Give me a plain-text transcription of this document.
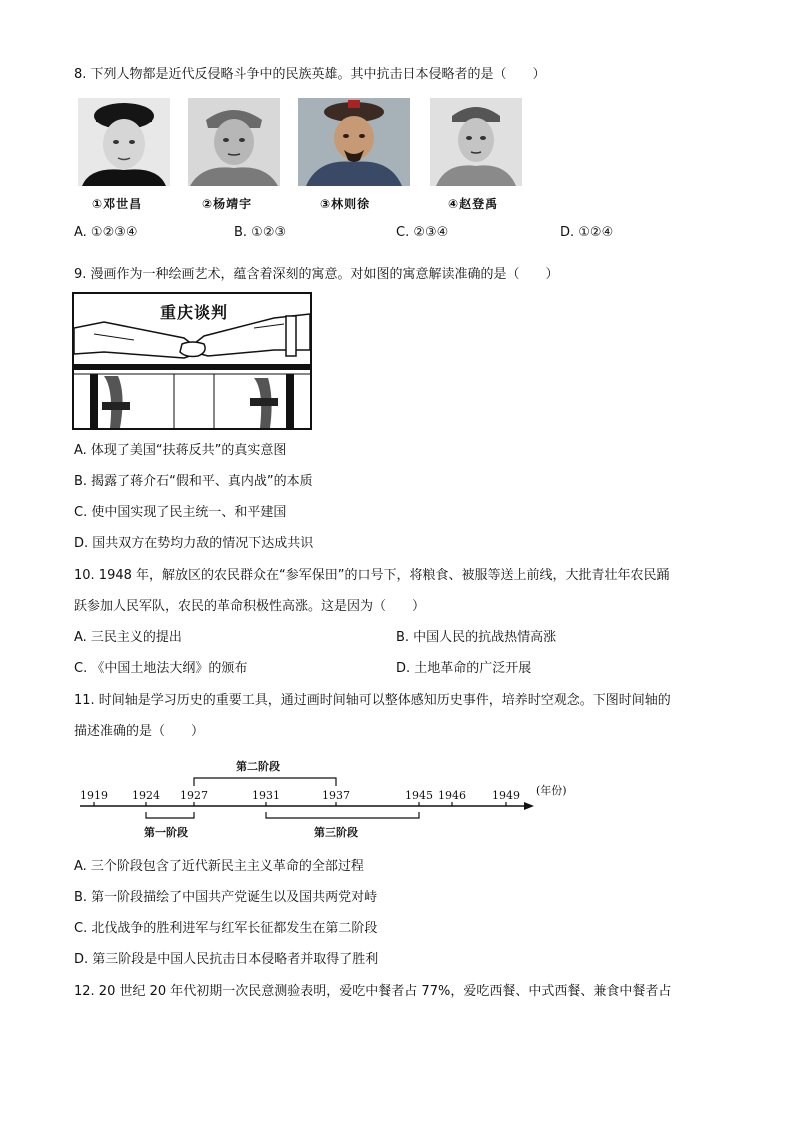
8. 下列人物都是近代反侵略斗争中的民族英雄。其中抗击日本侵略者的是（　　）
①邓世昌	②杨靖宇	③林则徐	④赵登禹
A. ①②③④	B. ①②③	C. ②③④	D. ①②④
9. 漫画作为一种绘画艺术，蕴含着深刻的寓意。对如图的寓意解读准确的是（　　）
重庆谈判
A. 体现了美国“扶蒋反共”的真实意图
B. 揭露了蒋介石“假和平、真内战”的本质
C. 使中国实现了民主统一、和平建国
D. 国共双方在势均力敌的情况下达成共识
10. 1948 年，解放区的农民群众在“参军保田”的口号下，将粮食、被服等送上前线，大批青壮年农民踊
跃参加人民军队，农民的革命积极性高涨。这是因为（　　）
A. 三民主义的提出	B. 中国人民的抗战热情高涨
C. 《中国土地法大纲》的颁布	D. 土地革命的广泛开展
11. 时间轴是学习历史的重要工具，通过画时间轴可以整体感知历史事件，培养时空观念。下图时间轴的
描述准确的是（　　）
第二阶段
1919 1924 1927	1931	1937	1945 1946 1949 (年份)
第一阶段	第三阶段
A. 三个阶段包含了近代新民主主义革命的全部过程
B. 第一阶段描绘了中国共产党诞生以及国共两党对峙
C. 北伐战争的胜利进军与红军长征都发生在第二阶段
D. 第三阶段是中国人民抗击日本侵略者并取得了胜利
12. 20 世纪 20 年代初期一次民意测验表明，爱吃中餐者占 77%，爱吃西餐、中式西餐、兼食中餐者占
